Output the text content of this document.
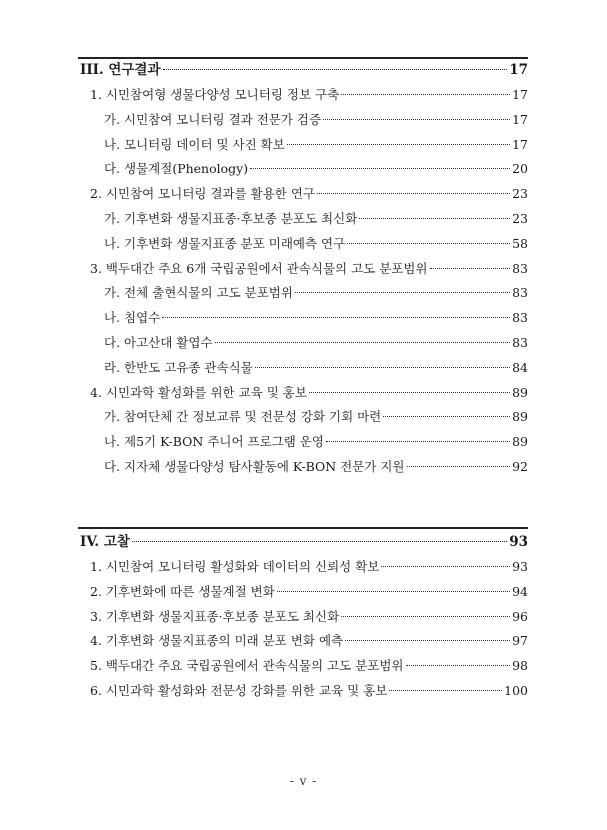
III. 연구결과	17
1. 시민참여형 생물다양성 모니터링 정보 구축	17
가. 시민참여 모니터링 결과 전문가 검증	17
나. 모니터링 데이터 및 사진 확보	17
다. 생물계절(Phenology)	20
2. 시민참여 모니터링 결과를 활용한 연구	23
가. 기후변화 생물지표종·후보종 분포도 최신화	23
나. 기후변화 생물지표종 분포 미래예측 연구	58
3. 백두대간 주요 6개 국립공원에서 관속식물의 고도 분포범위	83
가. 전체 출현식물의 고도 분포범위	83
나. 침엽수	83
다. 아고산대 활엽수	83
라. 한반도 고유종 관속식물	84
4. 시민과학 활성화를 위한 교육 및 홍보	89
가. 참여단체 간 정보교류 및 전문성 강화 기회 마련	89
나. 제5기 K-BON 주니어 프로그램 운영	89
다. 지자체 생물다양성 탐사활동에 K-BON 전문가 지원	92
IV. 고찰	93
1. 시민참여 모니터링 활성화와 데이터의 신뢰성 확보	93
2. 기후변화에 따른 생물계절 변화	94
3. 기후변화 생물지표종·후보종 분포도 최신화	96
4. 기후변화 생물지표종의 미래 분포 변화 예측	97
5. 백두대간 주요 국립공원에서 관속식물의 고도 분포범위	98
6. 시민과학 활성화와 전문성 강화를 위한 교육 및 홍보	100
- v -
